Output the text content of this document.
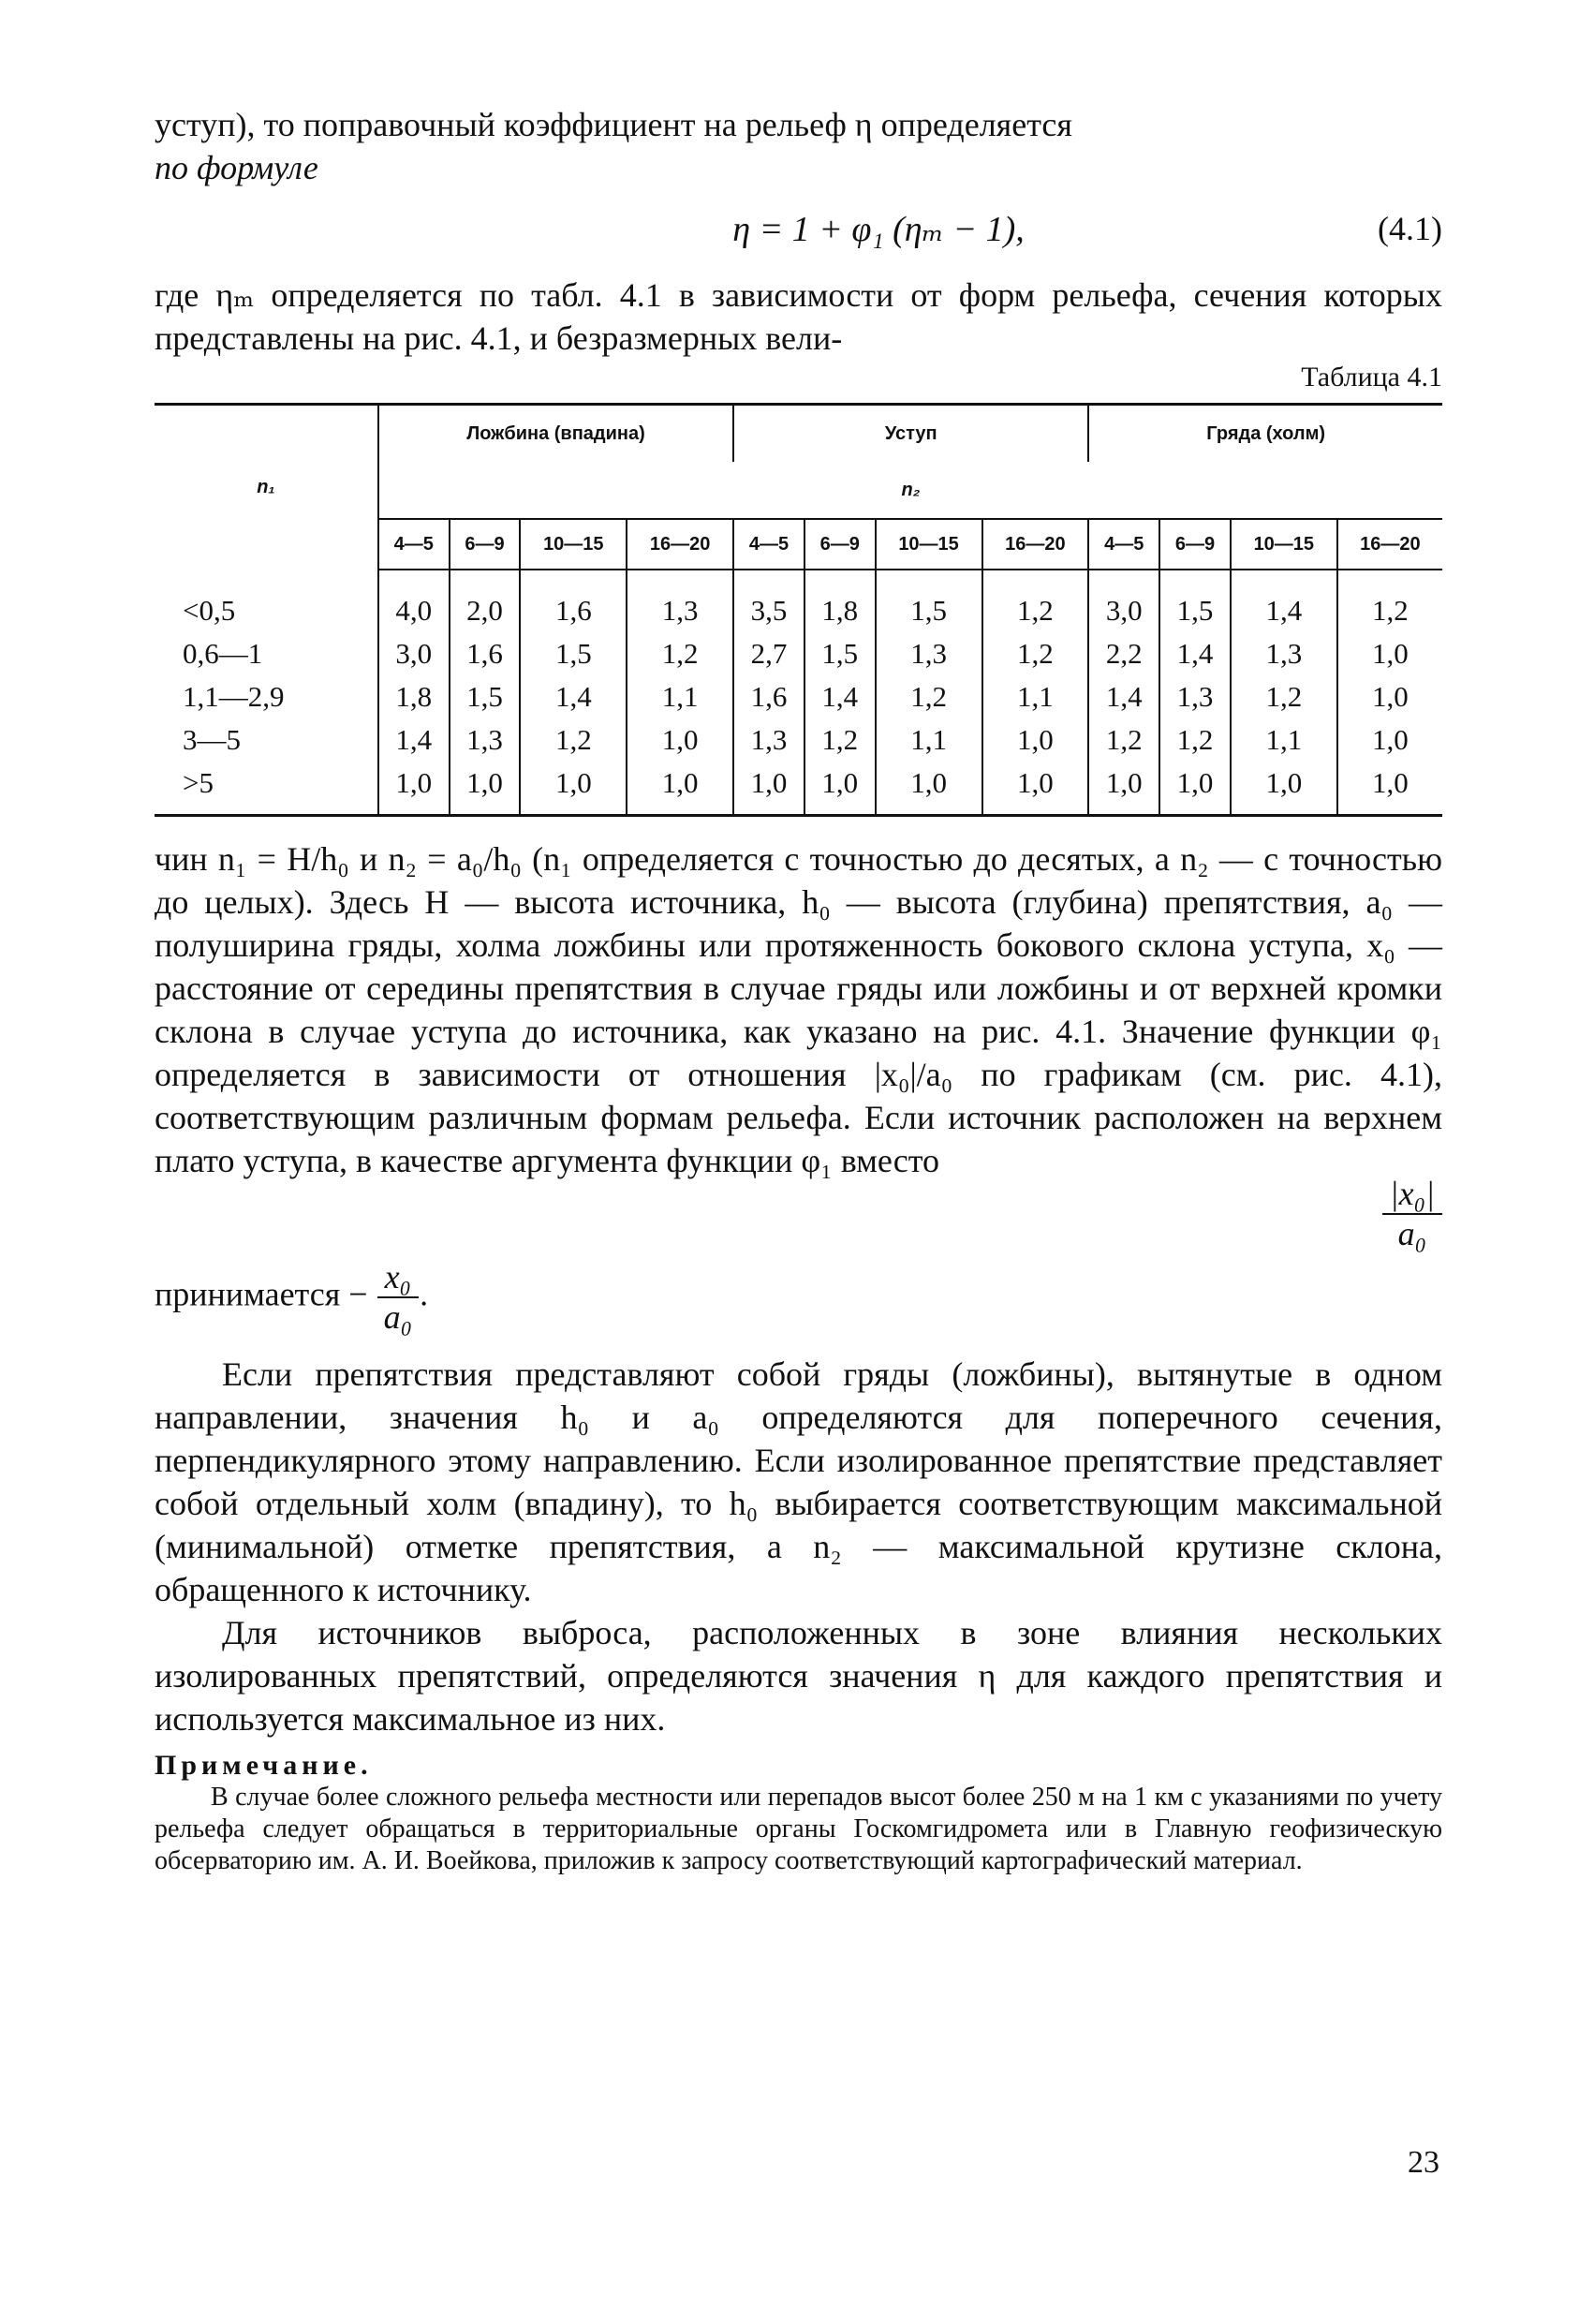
уступ), то поправочный коэффициент на рельеф η определяется

по формуле

η = 1 + φ₁ (ηₘ − 1),	(4.1)

где ηₘ определяется по табл. 4.1 в зависимости от форм рельефа, сечения которых представлены на рис. 4.1, и безразмерных вели-

Таблица 4.1
n₁	Ложбина (впадина)				Уступ				Гряда (холм)			
	n₂											
	4—5	6—9	10—15	16—20	4—5	6—9	10—15	16—20	4—5	6—9	10—15	16—20
<0,5	4,0	2,0	1,6	1,3	3,5	1,8	1,5	1,2	3,0	1,5	1,4	1,2
0,6—1	3,0	1,6	1,5	1,2	2,7	1,5	1,3	1,2	2,2	1,4	1,3	1,0
1,1—2,9	1,8	1,5	1,4	1,1	1,6	1,4	1,2	1,1	1,4	1,3	1,2	1,0
3—5	1,4	1,3	1,2	1,0	1,3	1,2	1,1	1,0	1,2	1,2	1,1	1,0
>5	1,0	1,0	1,0	1,0	1,0	1,0	1,0	1,0	1,0	1,0	1,0	1,0

чин n₁ = H/h₀ и n₂ = a₀/h₀ (n₁ определяется с точностью до десятых, а n₂ — с точностью до целых). Здесь H — высота источника, h₀ — высота (глубина) препятствия, a₀ — полуширина гряды, холма ложбины или протяженность бокового склона уступа, x₀ — расстояние от середины препятствия в случае гряды или ложбины и от верхней кромки склона в случае уступа до источника, как указано на рис. 4.1. Значение функции φ₁ определяется в зависимости от отношения |x₀|/a₀ по графикам (см. рис. 4.1), соответствующим различным формам рельефа. Если источник расположен на верхнем плато уступа, в качестве аргумента функции φ₁ вместо

$\frac{\text{|x₀|}}{\text{a₀}}$

принимается − $\frac{\text{x₀}}{\text{a₀}}$ .

Если препятствия представляют собой гряды (ложбины), вытянутые в одном направлении, значения h₀ и a₀ определяются для поперечного сечения, перпендикулярного этому направлению. Если изолированное препятствие представляет собой отдельный холм (впадину), то h₀ выбирается соответствующим максимальной (минимальной) отметке препятствия, а n₂ — максимальной крутизне склона, обращенного к источнику.

Для источников выброса, расположенных в зоне влияния нескольких изолированных препятствий, определяются значения η для каждого препятствия и используется максимальное из них.

Примечание.

В случае более сложного рельефа местности или перепадов высот более 250 м на 1 км с указаниями по учету рельефа следует обращаться в территориальные органы Госкомгидромета или в Главную геофизическую обсерваторию им. А. И. Воейкова, приложив к запросу соответствующий картографический материал.

23
